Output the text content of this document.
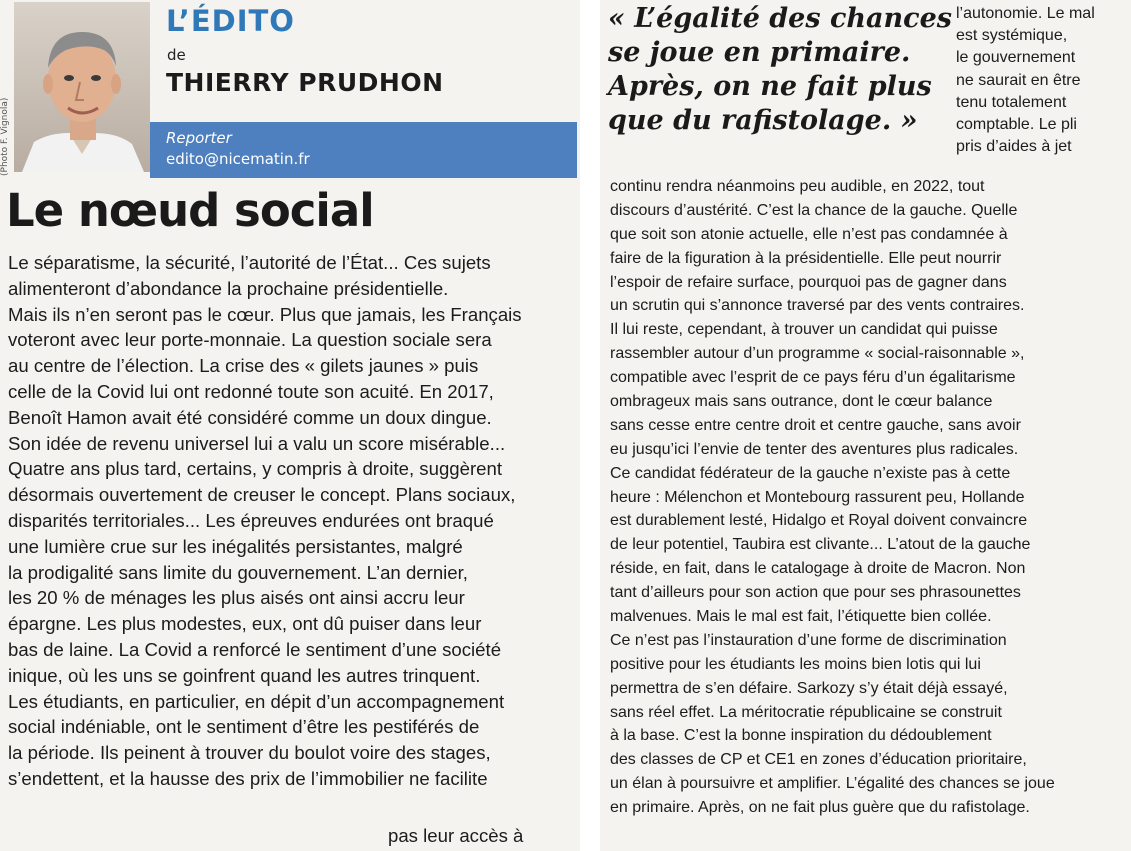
(Photo F. Vignola)
L’ÉDITO
de
THIERRY PRUDHON
Reporter
edito@nicematin.fr
Le nœud social
Le séparatisme, la sécurité, l’autorité de l’État... Ces sujets
alimenteront d’abondance la prochaine présidentielle.
Mais ils n’en seront pas le cœur. Plus que jamais, les Français
voteront avec leur porte-monnaie. La question sociale sera
au centre de l’élection. La crise des « gilets jaunes » puis
celle de la Covid lui ont redonné toute son acuité. En 2017,
Benoît Hamon avait été considéré comme un doux dingue.
Son idée de revenu universel lui a valu un score misérable...
Quatre ans plus tard, certains, y compris à droite, suggèrent
désormais ouvertement de creuser le concept. Plans sociaux,
disparités territoriales... Les épreuves endurées ont braqué
une lumière crue sur les inégalités persistantes, malgré
la prodigalité sans limite du gouvernement. L’an dernier,
les 20 % de ménages les plus aisés ont ainsi accru leur
épargne. Les plus modestes, eux, ont dû puiser dans leur
bas de laine. La Covid a renforcé le sentiment d’une société
inique, où les uns se goinfrent quand les autres trinquent.
Les étudiants, en particulier, en dépit d’un accompagnement
social indéniable, ont le sentiment d’être les pestiférés de
la période. Ils peinent à trouver du boulot voire des stages,
s’endettent, et la hausse des prix de l’immobilier ne facilite
pas leur accès à
« L’égalité des chances
se joue en primaire.
Après, on ne fait plus
que du rafistolage. »
l’autonomie. Le mal
est systémique,
le gouvernement
ne saurait en être
tenu totalement
comptable. Le pli
pris d’aides à jet
continu rendra néanmoins peu audible, en 2022, tout
discours d’austérité. C’est la chance de la gauche. Quelle
que soit son atonie actuelle, elle n’est pas condamnée à
faire de la figuration à la présidentielle. Elle peut nourrir
l’espoir de refaire surface, pourquoi pas de gagner dans
un scrutin qui s’annonce traversé par des vents contraires.
Il lui reste, cependant, à trouver un candidat qui puisse
rassembler autour d’un programme « social-raisonnable »,
compatible avec l’esprit de ce pays féru d’un égalitarisme
ombrageux mais sans outrance, dont le cœur balance
sans cesse entre centre droit et centre gauche, sans avoir
eu jusqu’ici l’envie de tenter des aventures plus radicales.
Ce candidat fédérateur de la gauche n’existe pas à cette
heure : Mélenchon et Montebourg rassurent peu, Hollande
est durablement lesté, Hidalgo et Royal doivent convaincre
de leur potentiel, Taubira est clivante... L’atout de la gauche
réside, en fait, dans le catalogage à droite de Macron. Non
tant d’ailleurs pour son action que pour ses phrasounettes
malvenues. Mais le mal est fait, l’étiquette bien collée.
Ce n’est pas l’instauration d’une forme de discrimination
positive pour les étudiants les moins bien lotis qui lui
permettra de s’en défaire. Sarkozy s’y était déjà essayé,
sans réel effet. La méritocratie républicaine se construit
à la base. C’est la bonne inspiration du dédoublement
des classes de CP et CE1 en zones d’éducation prioritaire,
un élan à poursuivre et amplifier. L’égalité des chances se joue
en primaire. Après, on ne fait plus guère que du rafistolage.
